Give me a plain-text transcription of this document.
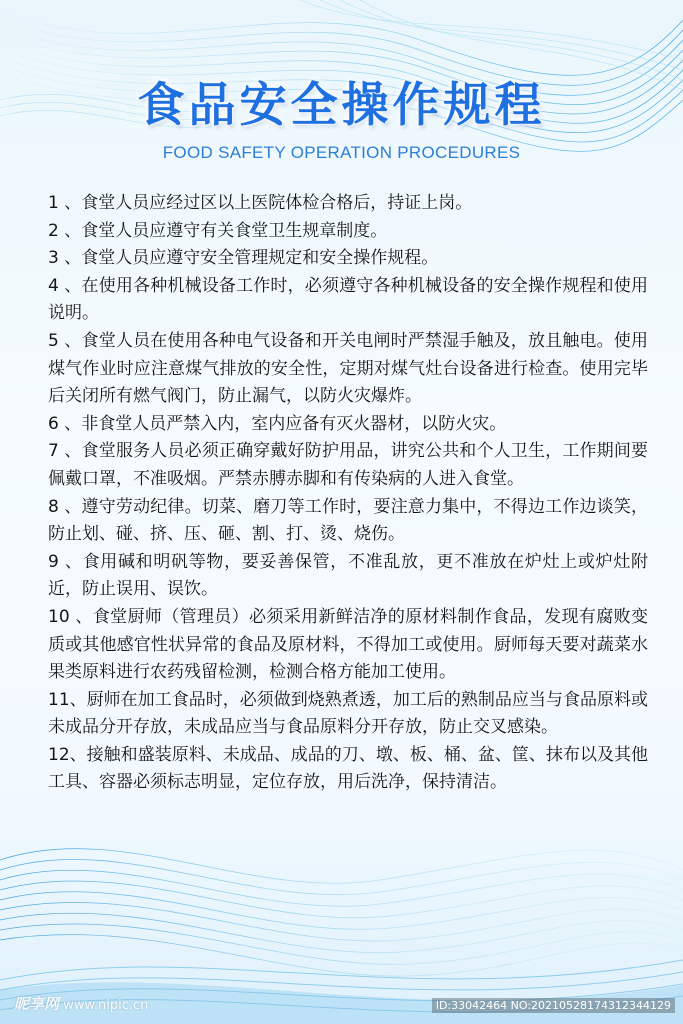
食品安全操作规程
FOOD SAFETY OPERATION PROCEDURES

1 、食堂人员应经过区以上医院体检合格后，持证上岗。

2 、食堂人员应遵守有关食堂卫生规章制度。

3 、食堂人员应遵守安全管理规定和安全操作规程。

4 、在使用各种机械设备工作时，必须遵守各种机械设备的安全操作规程和使用说明。

5 、食堂人员在使用各种电气设备和开关电闸时严禁湿手触及，放且触电。使用煤气作业时应注意煤气排放的安全性，定期对煤气灶台设备进行检查。使用完毕后关闭所有燃气阀门，防止漏气，以防火灾爆炸。

6 、非食堂人员严禁入内，室内应备有灭火器材，以防火灾。

7 、食堂服务人员必须正确穿戴好防护用品，讲究公共和个人卫生，工作期间要佩戴口罩，不准吸烟。严禁赤膊赤脚和有传染病的人进入食堂。

8 、遵守劳动纪律。切菜、磨刀等工作时，要注意力集中，不得边工作边谈笑，防止划、碰、挤、压、砸、割、打、烫、烧伤。

9 、食用碱和明矾等物，要妥善保管，不准乱放，更不准放在炉灶上或炉灶附近，防止误用、误饮。

10 、食堂厨师（管理员）必须采用新鲜洁净的原材料制作食品，发现有腐败变质或其他感官性状异常的食品及原材料，不得加工或使用。厨师每天要对蔬菜水果类原料进行农药残留检测，检测合格方能加工使用。

11、厨师在加工食品时，必须做到烧熟煮透，加工后的熟制品应当与食品原料或未成品分开存放，未成品应当与食品原料分开存放，防止交叉感染。

12、接触和盛装原料、未成品、成品的刀、墩、板、桶、盆、筐、抹布以及其他工具、容器必须标志明显，定位存放，用后洗净，保持清洁。

昵享网 www.nipic.cn	ID:33042464 NO:20210528174312344129
